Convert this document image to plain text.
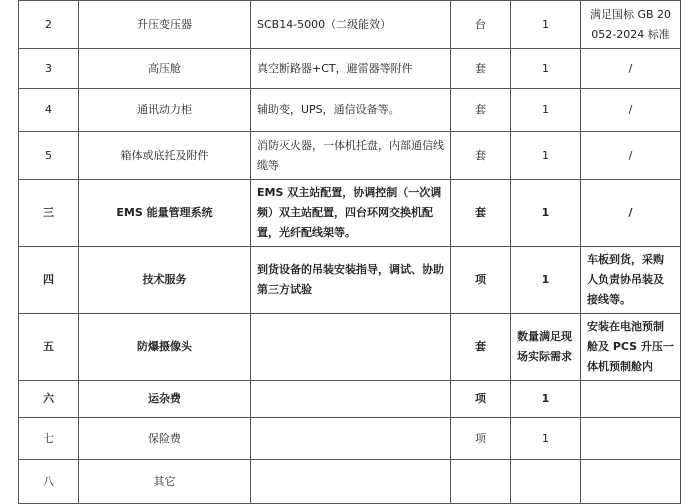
2	升压变压器	SCB14-5000（二级能效）	台	1	满足国标 GB 20052-2024 标准
3	高压舱	真空断路器+CT，避雷器等附件	套	1	/
4	通讯动力柜	辅助变，UPS，通信设备等。	套	1	/
5	箱体或底托及附件	消防灭火器，一体机托盘，内部通信线缆等	套	1	/
三	EMS 能量管理系统	EMS 双主站配置，协调控制（一次调频）双主站配置，四台环网交换机配置，光纤配线架等。	套	1	/
四	技术服务	到货设备的吊装安装指导，调试、协助第三方试验	项	1	车板到货，采购人负责协吊装及接线等。
五	防爆摄像头		套	数量满足现场实际需求	安装在电池预制舱及 PCS 升压一体机预制舱内
六	运杂费		项	1	
七	保险费		项	1	
八	其它				
